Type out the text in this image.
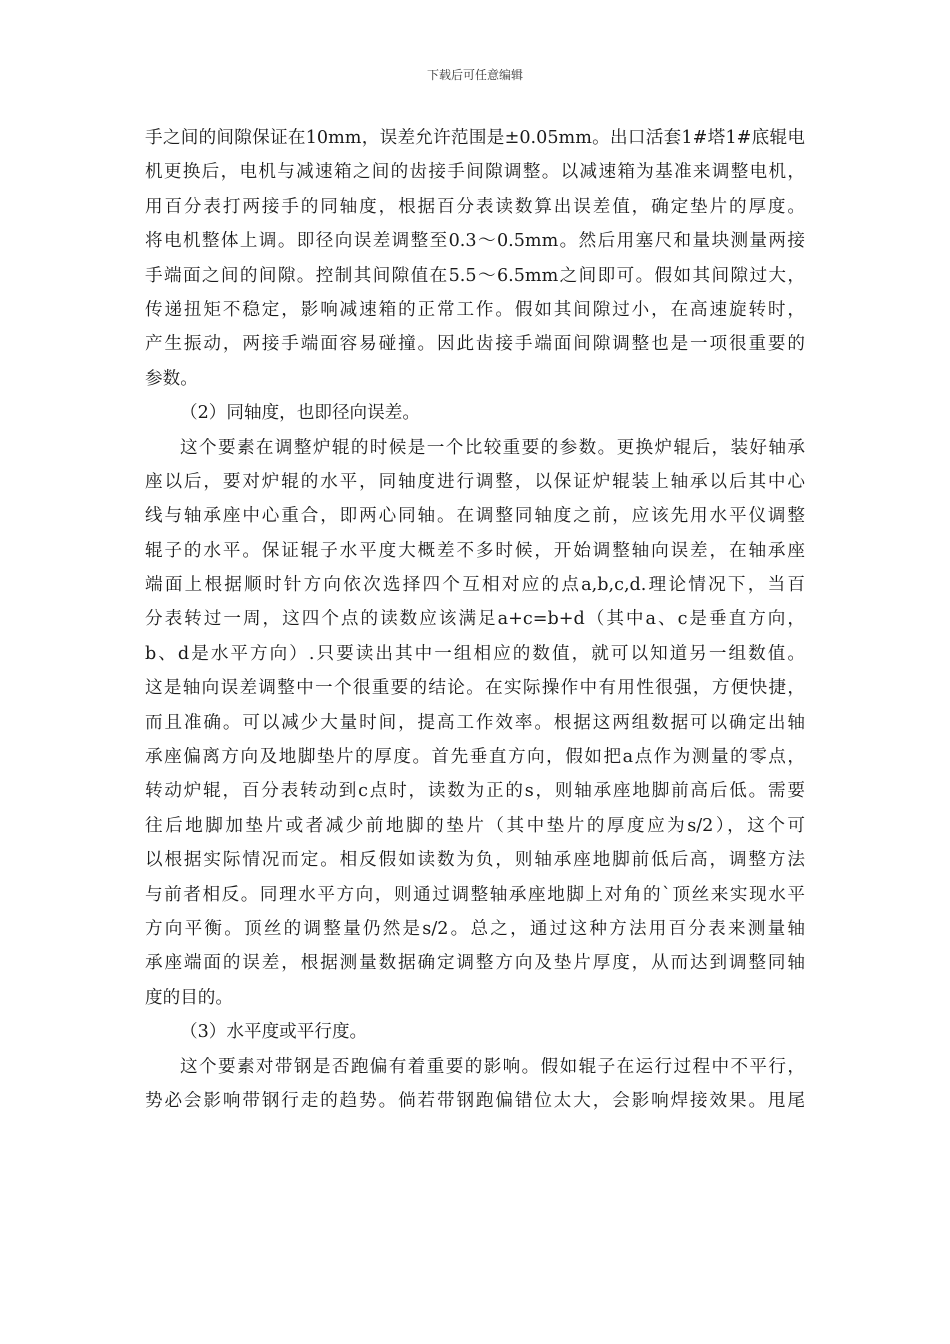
下载后可任意编辑
手之间的间隙保证在10mm，误差允许范围是±0.05mm。出口活套1#塔1#底辊电
机更换后，电机与减速箱之间的齿接手间隙调整。以减速箱为基准来调整电机，
用百分表打两接手的同轴度，根据百分表读数算出误差值，确定垫片的厚度。
将电机整体上调。即径向误差调整至0.3～0.5mm。然后用塞尺和量块测量两接
手端面之间的间隙。控制其间隙值在5.5～6.5mm之间即可。假如其间隙过大，
传递扭矩不稳定，影响减速箱的正常工作。假如其间隙过小，在高速旋转时，
产生振动，两接手端面容易碰撞。因此齿接手端面间隙调整也是一项很重要的
参数。
（2）同轴度，也即径向误差。
这个要素在调整炉辊的时候是一个比较重要的参数。更换炉辊后，装好轴承
座以后，要对炉辊的水平，同轴度进行调整，以保证炉辊装上轴承以后其中心
线与轴承座中心重合，即两心同轴。在调整同轴度之前，应该先用水平仪调整
辊子的水平。保证辊子水平度大概差不多时候，开始调整轴向误差，在轴承座
端面上根据顺时针方向依次选择四个互相对应的点a,b,c,d.理论情况下，当百
分表转过一周，这四个点的读数应该满足a+c=b+d（其中a、c是垂直方向，
b、d是水平方向）.只要读出其中一组相应的数值，就可以知道另一组数值。
这是轴向误差调整中一个很重要的结论。在实际操作中有用性很强，方便快捷，
而且准确。可以减少大量时间，提高工作效率。根据这两组数据可以确定出轴
承座偏离方向及地脚垫片的厚度。首先垂直方向，假如把a点作为测量的零点，
转动炉辊，百分表转动到c点时，读数为正的s，则轴承座地脚前高后低。需要
往后地脚加垫片或者减少前地脚的垫片（其中垫片的厚度应为s/2），这个可
以根据实际情况而定。相反假如读数为负，则轴承座地脚前低后高，调整方法
与前者相反。同理水平方向，则通过调整轴承座地脚上对角的`顶丝来实现水平
方向平衡。顶丝的调整量仍然是s/2。总之，通过这种方法用百分表来测量轴
承座端面的误差，根据测量数据确定调整方向及垫片厚度，从而达到调整同轴
度的目的。
（3）水平度或平行度。
这个要素对带钢是否跑偏有着重要的影响。假如辊子在运行过程中不平行，
势必会影响带钢行走的趋势。倘若带钢跑偏错位太大，会影响焊接效果。甩尾
